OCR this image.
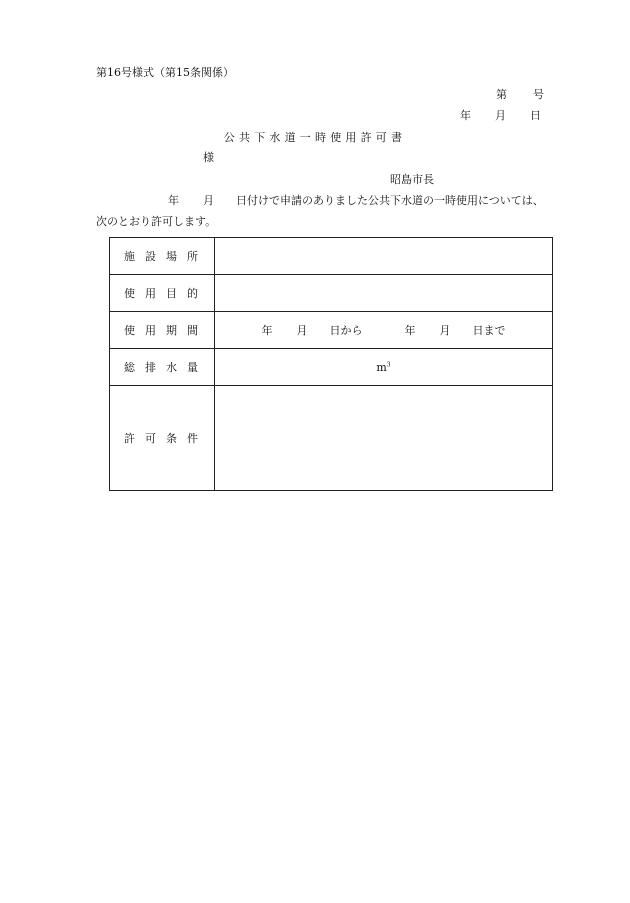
第16号様式（第15条関係）
第 号
年 月 日
公共下水道一時使用許可書
様
昭島市長
年 月 日付けで申請のありました公共下水道の一時使用については、
次のとおり許可します。
施設場所	
使用目的	
使用期間	年 月 日から 年 月 日まで
総排水量	$m^3$
許可条件	
